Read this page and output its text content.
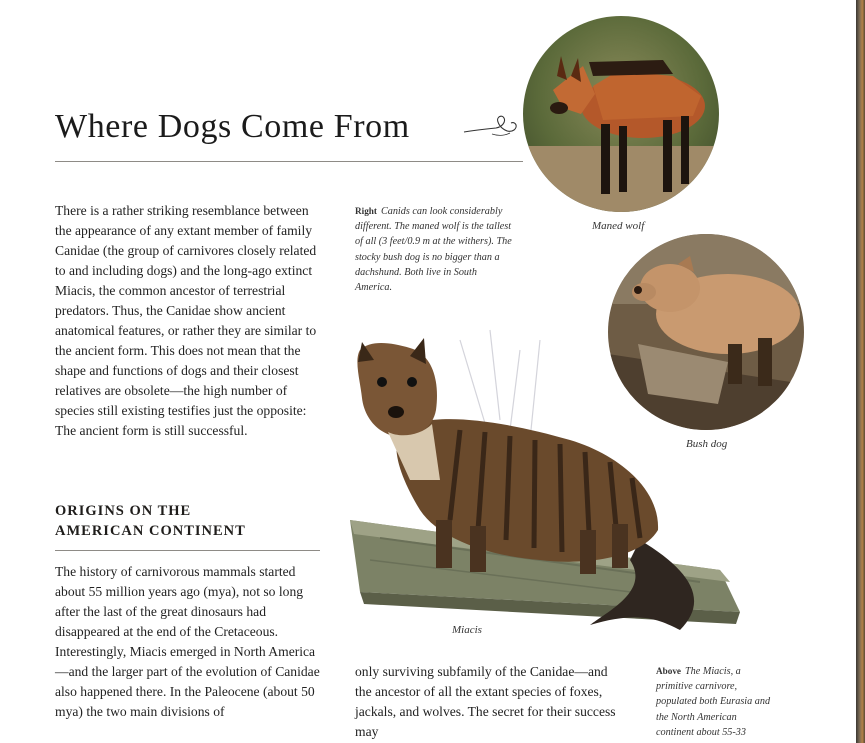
Where Dogs Come From

There is a rather striking resemblance between the appearance of any extant member of family Canidae (the group of carnivores closely related to and including dogs) and the long-ago extinct Miacis, the common ancestor of terrestrial predators. Thus, the Canidae show ancient anatomical features, or rather they are similar to the ancient form. This does not mean that the shape and functions of dogs and their closest relatives are obsolete—the high number of species still existing testifies just the opposite: The ancient form is still successful.

ORIGINS ON THE
AMERICAN CONTINENT

The history of carnivorous mammals started about 55 million years ago (mya), not so long after the last of the great dinosaurs had disappeared at the end of the Cretaceous. Interestingly, Miacis emerged in North America—and the larger part of the evolution of Canidae also happened there. In the Paleocene (about 50 mya) the two main divisions of

only surviving subfamily of the Canidae—and the ancestor of all the extant species of foxes, jackals, and wolves. The secret for their success may

Right Canids can look considerably different. The maned wolf is the tallest of all (3 feet/0.9 m at the withers). The stocky bush dog is no bigger than a dachshund. Both live in South America.
Above The Miacis, a primitive carnivore, populated both Eurasia and the North American continent about 55-33
Maned wolf
Bush dog
Miacis
